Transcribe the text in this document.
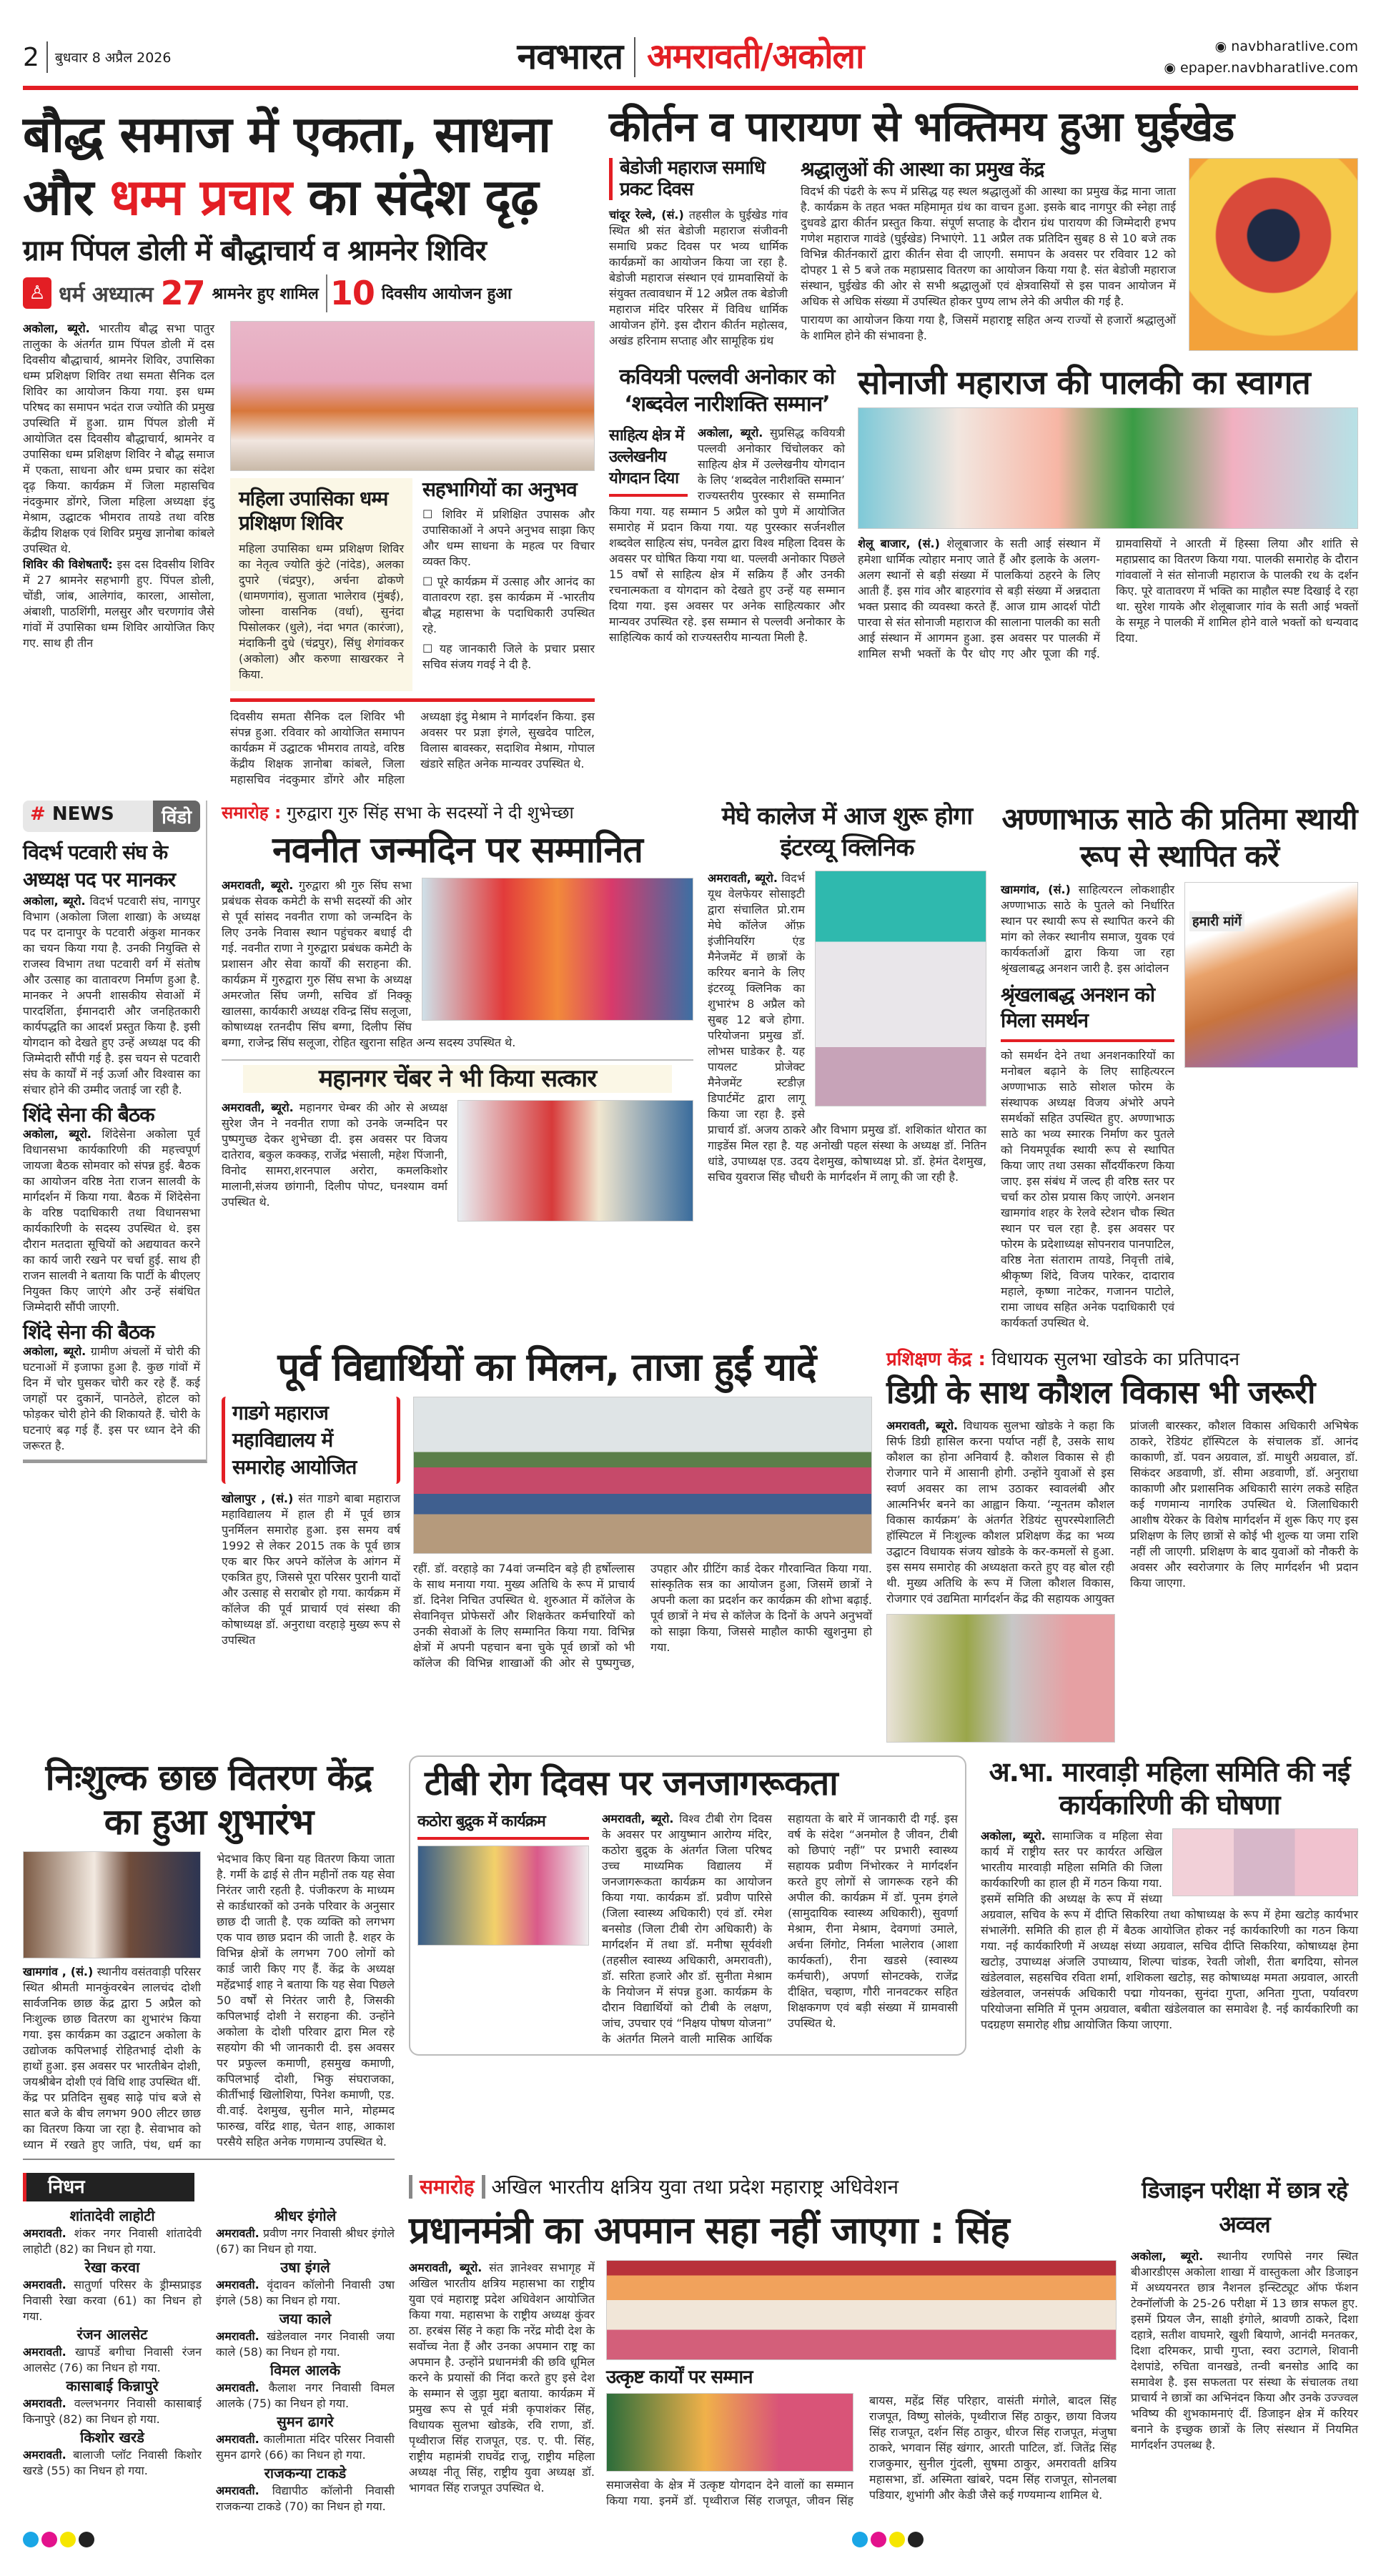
2 बुधवार 8 अप्रैल 2026	नवभारत अमरावती/अकोला	◉ navbharatlive.com
◉ epaper.navbharatlive.com
बौद्ध समाज में एकता, साधना
और धम्म प्रचार का संदेश दृढ़
ग्राम पिंपल डोली में बौद्धाचार्य व श्रामनेर शिविर
♙ धर्म अध्यात्म 27 श्रामनेर हुए शामिल 10 दिवसीय आयोजन हुआ
अकोला, ब्यूरो. भारतीय बौद्ध सभा पातुर तालुका के अंतर्गत ग्राम पिंपल डोली में दस दिवसीय बौद्धाचार्य, श्रामनेर शिविर, उपासिका धम्म प्रशिक्षण शिविर तथा समता सैनिक दल शिविर का आयोजन किया गया. इस धम्म परिषद का समापन भदंत राज ज्योति की प्रमुख उपस्थिति में हुआ. ग्राम पिंपल डोली में आयोजित दस दिवसीय बौद्धाचार्य, श्रामनेर व उपासिका धम्म प्रशिक्षण शिविर ने बौद्ध समाज में एकता, साधना और धम्म प्रचार का संदेश दृढ़ किया. कार्यक्रम में जिला महासचिव नंदकुमार डोंगरे, जिला महिला अध्यक्षा इंदु मेश्राम, उद्घाटक भीमराव तायडे तथा वरिष्ठ केंद्रीय शिक्षक एवं शिविर प्रमुख ज्ञानोबा कांबले उपस्थित थे.
शिविर की विशेषताएँ: इस दस दिवसीय शिविर में 27 श्रामनेर सहभागी हुए. पिंपल डोली, चोंडी, जांब, आलेगांव, कारला, आसोला, अंबाशी, पाठशिंगी, मलसुर और चरणगांव जैसे गांवों में उपासिका धम्म शिविर आयोजित किए गए. साथ ही तीन
महिला उपासिका धम्म प्रशिक्षण शिविर
महिला उपासिका धम्म प्रशिक्षण शिविर का नेतृत्व ज्योति कुंटे (नांदेड), अलका दुपारे (चंद्रपुर), अर्चना ढोकणे (धामणगांव), सुजाता भालेराव (मुंबई), जोस्ना वासनिक (वर्धा), सुनंदा पिसोलकर (धुले), नंदा भगत (कारंजा), मंदाकिनी दुधे (चंद्रपुर), सिंधु शेगांवकर (अकोला) और करुणा साखरकर ने किया.
सहभागियों का अनुभव

☐ शिविर में प्रशिक्षित उपासक और उपासिकाओं ने अपने अनुभव साझा किए और धम्म साधना के महत्व पर विचार व्यक्त किए.

☐ पूरे कार्यक्रम में उत्साह और आनंद का वातावरण रहा. इस कार्यक्रम में -भारतीय बौद्ध महासभा के पदाधिकारी उपस्थित रहे.

☐ यह जानकारी जिले के प्रचार प्रसार सचिव संजय गवई ने दी है.

दिवसीय समता सैनिक दल शिविर भी संपन्न हुआ. रविवार को आयोजित समापन कार्यक्रम में उद्घाटक भीमराव तायडे, वरिष्ठ केंद्रीय शिक्षक ज्ञानोबा कांबले, जिला महासचिव नंदकुमार डोंगरे और महिला अध्यक्षा इंदु मेश्राम ने मार्गदर्शन किया. इस अवसर पर प्रज्ञा इंगले, सुखदेव पाटिल, विलास बावस्कर, सदाशिव मेश्राम, गोपाल खंडारे सहित अनेक मान्यवर उपस्थित थे.
कीर्तन व पारायण से भक्तिमय हुआ घुईखेड
बेडोजी महाराज समाधि प्रकट दिवस
चांदूर रेल्वे, (सं.) तहसील के घुईखेड गांव स्थित श्री संत बेडोजी महाराज संजीवनी समाधि प्रकट दिवस पर भव्य धार्मिक कार्यक्रमों का आयोजन किया जा रहा है. बेडोजी महाराज संस्थान एवं ग्रामवासियों के संयुक्त तत्वावधान में 12 अप्रैल तक बेडोजी महाराज मंदिर परिसर में विविध धार्मिक आयोजन होंगे. इस दौरान कीर्तन महोत्सव, अखंड हरिनाम सप्ताह और सामूहिक ग्रंथ
श्रद्धालुओं की आस्था का प्रमुख केंद्र
विदर्भ की पंढरी के रूप में प्रसिद्ध यह स्थल श्रद्धालुओं की आस्था का प्रमुख केंद्र माना जाता है. कार्यक्रम के तहत भक्त महिमामृत ग्रंथ का वाचन हुआ. इसके बाद नागपुर की स्नेहा ताई दुधवडे द्वारा कीर्तन प्रस्तुत किया. संपूर्ण सप्ताह के दौरान ग्रंथ पारायण की जिम्मेदारी हभप गणेश महाराज गावंडे (घुईखेड) निभाएंगे. 11 अप्रैल तक प्रतिदिन सुबह 8 से 10 बजे तक विभिन्न कीर्तनकारों द्वारा कीर्तन सेवा दी जाएगी. समापन के अवसर पर रविवार 12 को दोपहर 1 से 5 बजे तक महाप्रसाद वितरण का आयोजन किया गया है. संत बेडोजी महाराज संस्थान, घुईखेड की ओर से सभी श्रद्धालुओं एवं क्षेत्रवासियों से इस पावन आयोजन में अधिक से अधिक संख्या में उपस्थित होकर पुण्य लाभ लेने की अपील की गई है.
पारायण का आयोजन किया गया है, जिसमें महाराष्ट्र सहित अन्य राज्यों से हजारों श्रद्धालुओं के शामिल होने की संभावना है.
कवियत्री पल्लवी अनोकार को ‘शब्दवेल नारीशक्ति सम्मान’
साहित्य क्षेत्र में उल्लेखनीय योगदान दिया
अकोला, ब्यूरो. सुप्रसिद्ध कवियत्री पल्लवी अनोकार चिंचोलकर को साहित्य क्षेत्र में उल्लेखनीय योगदान के लिए ‘शब्दवेल नारीशक्ति सम्मान’ राज्यस्तरीय पुरस्कार से सम्मानित किया गया. यह सम्मान 5 अप्रैल को पुणे में आयोजित समारोह में प्रदान किया गया. यह पुरस्कार सर्जनशील शब्दवेल साहित्य संघ, पनवेल द्वारा विश्व महिला दिवस के अवसर पर घोषित किया गया था. पल्लवी अनोकार पिछले 15 वर्षों से साहित्य क्षेत्र में सक्रिय हैं और उनकी रचनात्मकता व योगदान को देखते हुए उन्हें यह सम्मान दिया गया. इस अवसर पर अनेक साहित्यकार और मान्यवर उपस्थित रहे. इस सम्मान से पल्लवी अनोकार के साहित्यिक कार्य को राज्यस्तरीय मान्यता मिली है.
सोनाजी महाराज की पालकी का स्वागत
शेलू बाजार, (सं.) शेलूबाजार के सती आई संस्थान में हमेशा धार्मिक त्योहार मनाए जाते हैं और इलाके के अलग-अलग स्थानों से बड़ी संख्या में पालकियां ठहरने के लिए आती हैं. इस गांव और बाहरगांव से बड़ी संख्या में अन्नदाता भक्त प्रसाद की व्यवस्था करते हैं. आज ग्राम आदर्श पोटी पारवा से संत सोनाजी महाराज की सालाना पालकी का सती आई संस्थान में आगमन हुआ. इस अवसर पर पालकी में शामिल सभी भक्तों के पैर धोए गए और पूजा की गई. ग्रामवासियों ने आरती में हिस्सा लिया और शांति से महाप्रसाद का वितरण किया गया. पालकी समारोह के दौरान गांववालों ने संत सोनाजी महाराज के पालकी रथ के दर्शन किए. पूरे वातावरण में भक्ति का माहौल स्पष्ट दिखाई दे रहा था. सुरेश गायके और शेलूबाजार गांव के सती आई भक्तों के समूह ने पालकी में शामिल होने वाले भक्तों को धन्यवाद दिया.
# NEWS	विंडो
विदर्भ पटवारी संघ के अध्यक्ष पद पर मानकर
अकोला, ब्यूरो. विदर्भ पटवारी संघ, नागपुर विभाग (अकोला जिला शाखा) के अध्यक्ष पद पर दानापुर के पटवारी अंकुश मानकर का चयन किया गया है. उनकी नियुक्ति से राजस्व विभाग तथा पटवारी वर्ग में संतोष और उत्साह का वातावरण निर्माण हुआ है. मानकर ने अपनी शासकीय सेवाओं में पारदर्शिता, ईमानदारी और जनहितकारी कार्यपद्धति का आदर्श प्रस्तुत किया है. इसी योगदान को देखते हुए उन्हें अध्यक्ष पद की जिम्मेदारी सौंपी गई है. इस चयन से पटवारी संघ के कार्यों में नई ऊर्जा और विश्वास का संचार होने की उम्मीद जताई जा रही है.
शिंदे सेना की बैठक
अकोला, ब्यूरो. शिंदेसेना अकोला पूर्व विधानसभा कार्यकारिणी की महत्त्वपूर्ण जायजा बैठक सोमवार को संपन्न हुई. बैठक का आयोजन वरिष्ठ नेता राजन सालवी के मार्गदर्शन में किया गया. बैठक में शिंदेसेना के वरिष्ठ पदाधिकारी तथा विधानसभा कार्यकारिणी के सदस्य उपस्थित थे. इस दौरान मतदाता सूचियों को अद्ययावत करने का कार्य जारी रखने पर चर्चा हुई. साथ ही राजन सालवी ने बताया कि पार्टी के बीएलए नियुक्त किए जाएंगे और उन्हें संबंधित जिम्मेदारी सौंपी जाएगी.
शिंदे सेना की बैठक
अकोला, ब्यूरो. ग्रामीण अंचलों में चोरी की घटनाओं में इजाफा हुआ है. कुछ गांवों में दिन में चोर घुसकर चोरी कर रहे हैं. कई जगहों पर दुकानें, पानठेले, होटल को फोड़कर चोरी होने की शिकायते हैं. चोरी के घटनाएं बढ़ गई हैं. इस पर ध्यान देने की जरूरत है.
समारोह : गुरुद्वारा गुरु सिंह सभा के सदस्यों ने दी शुभेच्छा
नवनीत जन्मदिन पर सम्मानित
अमरावती, ब्यूरो. गुरुद्वारा श्री गुरु सिंघ सभा प्रबंधक सेवक कमेटी के सभी सदस्यों की ओर से पूर्व सांसद नवनीत राणा को जन्मदिन के लिए उनके निवास स्थान पहुंचकर बधाई दी गई. नवनीत राणा ने गुरुद्वारा प्रबंधक कमेटी के प्रशासन और सेवा कार्यों की सराहना की. कार्यक्रम में गुरुद्वारा गुरु सिंघ सभा के अध्यक्ष अमरजोत सिंघ जग्गी, सचिव डॉ निक्कू खालसा, कार्यकारी अध्यक्ष रविन्द्र सिंघ सलूजा, कोषाध्यक्ष रतनदीप सिंघ बग्गा, दिलीप सिंघ बग्गा, राजेन्द्र सिंघ सलूजा, रोहित खुराना सहित अन्य सदस्य उपस्थित थे.
महानगर चेंबर ने भी किया सत्कार
अमरावती, ब्यूरो. महानगर चेम्बर की ओर से अध्यक्ष सुरेश जैन ने नवनीत राणा को उनके जन्मदिन पर पुष्पगुच्छ देकर शुभेच्छा दी. इस अवसर पर विजय दातेराव, बकुल कक्कड़, राजेंद्र भंसाली, महेश पिंजानी, विनोद सामरा,शरनपाल अरोरा, कमलकिशोर मालानी,संजय छांगानी, दिलीप पोपट, घनश्याम वर्मा उपस्थित थे.
मेघे कालेज में आज शुरू होगा इंटरव्यू क्लिनिक
अमरावती, ब्यूरो. विदर्भ यूथ वेलफेयर सोसाइटी द्वारा संचालित प्रो.राम मेघे कॉलेज ऑफ़ इंजीनियरिंग एंड मैनेजमेंट में छात्रों के करियर बनाने के लिए इंटरव्यू क्लिनिक का शुभारंभ 8 अप्रैल को सुबह 12 बजे होगा. परियोजना प्रमुख डॉ. लोभस घाडेकर है. यह पायलट प्रोजेक्ट मैनेजमेंट स्टडीज़ डिपार्टमेंट द्वारा लागू किया जा रहा है. इसे प्राचार्य डॉ. अजय ठाकरे और विभाग प्रमुख डॉ. शशिकांत थोरात का गाइडेंस मिल रहा है. यह अनोखी पहल संस्था के अध्यक्ष डॉ. नितिन धांडे, उपाध्यक्ष एड. उदय देशमुख, कोषाध्यक्ष प्रो. डॉ. हेमंत देशमुख, सचिव युवराज सिंह चौधरी के मार्गदर्शन में लागू की जा रही है.
अण्णाभाऊ साठे की प्रतिमा स्थायी रूप से स्थापित करें
खामगांव, (सं.) साहित्यरत्न लोकशाहीर अण्णाभाऊ साठे के पुतले को निर्धारित स्थान पर स्थायी रूप से स्थापित करने की मांग को लेकर स्थानीय समाज, युवक एवं कार्यकर्ताओं द्वारा किया जा रहा श्रृंखलाबद्ध अनशन जारी है. इस आंदोलन
श्रृंखलाबद्ध अनशन को मिला समर्थन
को समर्थन देने तथा अनशनकारियों का मनोबल बढ़ाने के लिए साहित्यरत्न अण्णाभाऊ साठे सोशल फोरम के संस्थापक अध्यक्ष विजय अंभोरे अपने समर्थकों सहित उपस्थित हुए. अण्णाभाऊ साठे का भव्य स्मारक निर्माण कर पुतले को नियमपूर्वक स्थायी रूप से स्थापित किया जाए तथा उसका सौंदर्यीकरण किया जाए. इस संबंध में जल्द ही वरिष्ठ स्तर पर चर्चा कर ठोस प्रयास किए जाएंगे. अनशन खामगांव शहर के रेलवे स्टेशन चौक स्थित स्थान पर चल रहा है. इस अवसर पर फोरम के प्रदेशाध्यक्ष सोपनराव पानपाटिल, वरिष्ठ नेता संताराम तायडे, निवृत्ती तांबे, श्रीकृष्ण शिंदे, विजय पारेकर, दादाराव महाले, कृष्णा नाटेकर, गजानन पाटोले, रामा जाधव सहित अनेक पदाधिकारी एवं कार्यकर्ता उपस्थित थे.
हमारी मांगें
पूर्व विद्यार्थियों का मिलन, ताजा हुईं यादें
गाडगे महाराज महाविद्यालय में समारोह आयोजित
खोलापुर , (सं.) संत गाडगे बाबा महाराज महाविद्यालय में हाल ही में पूर्व छात्र पुनर्मिलन समारोह हुआ. इस समय वर्ष 1992 से लेकर 2015 तक के पूर्व छात्र एक बार फिर अपने कॉलेज के आंगन में एकत्रित हुए, जिससे पूरा परिसर पुरानी यादों और उत्साह से सराबोर हो गया. कार्यक्रम में कॉलेज की पूर्व प्राचार्य एवं संस्था की कोषाध्यक्ष डॉ. अनुराधा वरहाड़े मुख्य रूप से उपस्थित
रहीं. डॉ. वरहाड़े का 74वां जन्मदिन बड़े ही हर्षोल्लास के साथ मनाया गया. मुख्य अतिथि के रूप में प्राचार्य डॉ. दिनेश निचित उपस्थित थे. शुरुआत में कॉलेज के सेवानिवृत्त प्रोफेसरों और शिक्षकेतर कर्मचारियों को उनकी सेवाओं के लिए सम्मानित किया गया. विभिन्न क्षेत्रों में अपनी पहचान बना चुके पूर्व छात्रों को भी कॉलेज की विभिन्न शाखाओं की ओर से पुष्पगुच्छ, उपहार और ग्रीटिंग कार्ड देकर गौरवान्वित किया गया. सांस्कृतिक सत्र का आयोजन हुआ, जिसमें छात्रों ने अपनी कला का प्रदर्शन कर कार्यक्रम की शोभा बढ़ाई. पूर्व छात्रों ने मंच से कॉलेज के दिनों के अपने अनुभवों को साझा किया, जिससे माहौल काफी खुशनुमा हो गया.
प्रशिक्षण केंद्र : विधायक सुलभा खोडके का प्रतिपादन
डिग्री के साथ कौशल विकास भी जरूरी
अमरावती, ब्यूरो. विधायक सुलभा खोडके ने कहा कि सिर्फ डिग्री हासिल करना पर्याप्त नहीं है, उसके साथ कौशल का होना अनिवार्य है. कौशल विकास से ही रोजगार पाने में आसानी होगी. उन्होंने युवाओं से इस स्वर्ण अवसर का लाभ उठाकर स्वावलंबी और आत्मनिर्भर बनने का आह्वान किया. ‘न्यूनतम कौशल विकास कार्यक्रम’ के अंतर्गत रेडियंट सुपरस्पेशालिटी हॉस्पिटल में निःशुल्क कौशल प्रशिक्षण केंद्र का भव्य उद्घाटन विधायक संजय खोडके के कर-कमलों से हुआ. इस समय समारोह की अध्यक्षता करते हुए वह बोल रही थी. मुख्य अतिथि के रूप में जिला कौशल विकास, रोजगार एवं उद्यमिता मार्गदर्शन केंद्र की सहायक आयुक्त प्रांजली बारस्कर, कौशल विकास अधिकारी अभिषेक ठाकरे, रेडियंट हॉस्पिटल के संचालक डॉ. आनंद काकाणी, डॉ. पवन अग्रवाल, डॉ. माधुरी अग्रवाल, डॉ. सिकंदर अडवाणी, डॉ. सीमा अडवाणी, डॉ. अनुराधा काकाणी और प्रशासनिक अधिकारी सारंग लकडे सहित कई गणमान्य नागरिक उपस्थित थे. जिलाधिकारी आशीष येरेकर के विशेष मार्गदर्शन में शुरू किए गए इस प्रशिक्षण के लिए छात्रों से कोई भी शुल्क या जमा राशि नहीं ली जाएगी. प्रशिक्षण के बाद युवाओं को नौकरी के अवसर और स्वरोजगार के लिए मार्गदर्शन भी प्रदान किया जाएगा.
निःशुल्क छाछ वितरण केंद्र का हुआ शुभारंभ
खामगांव , (सं.) स्थानीय वसंतवाड़ी परिसर स्थित श्रीमती मानकुंवरबेन लालचंद दोशी सार्वजनिक छाछ केंद्र द्वारा 5 अप्रैल को निःशुल्क छाछ वितरण का शुभारंभ किया गया. इस कार्यक्रम का उद्घाटन अकोला के उद्योजक कपिलभाई रोहितभाई दोशी के हाथों हुआ. इस अवसर पर भारतीबेन दोशी, जयश्रीबेन दोशी एवं विधि शाह उपस्थित थीं. केंद्र पर प्रतिदिन सुबह साढ़े पांच बजे से सात बजे के बीच लगभग 900 लीटर छाछ का वितरण किया जा रहा है. सेवाभाव को ध्यान में रखते हुए जाति, पंथ, धर्म का भेदभाव किए बिना यह वितरण किया जाता है. गर्मी के ढाई से तीन महीनों तक यह सेवा निरंतर जारी रहती है. पंजीकरण के माध्यम से कार्डधारकों को उनके परिवार के अनुसार छाछ दी जाती है. एक व्यक्ति को लगभग एक पाव छाछ प्रदान की जाती है. शहर के विभिन्न क्षेत्रों के लगभग 700 लोगों को कार्ड जारी किए गए हैं. केंद्र के अध्यक्ष महेंद्रभाई शाह ने बताया कि यह सेवा पिछले 50 वर्षों से निरंतर जारी है, जिसकी कपिलभाई दोशी ने सराहना की. उन्होंने अकोला के दोशी परिवार द्वारा मिल रहे सहयोग की भी जानकारी दी. इस अवसर पर प्रफुल्ल कमाणी, हसमुख कमाणी, कपिलभाई दोशी, भिकु संघराजका, कीर्तीभाई खिलोशिया, पिनेश कमाणी, एड. वी.वाई. देशमुख, सुनील माने, मोहम्मद फारुख, वरिंद्र शाह, चेतन शाह, आकाश परसैये सहित अनेक गणमान्य उपस्थित थे.
टीबी रोग दिवस पर जनजागरूकता
कठोरा बुद्रुक में कार्यक्रम	अमरावती, ब्यूरो. विश्व टीबी रोग दिवस के अवसर पर आयुष्मान आरोग्य मंदिर, कठोरा बुद्रुक के अंतर्गत जिला परिषद उच्च माध्यमिक विद्यालय में जनजागरूकता कार्यक्रम का आयोजन किया गया. कार्यक्रम डॉ. प्रवीण पारिसे (जिला स्वास्थ्य अधिकारी) एवं डॉ. रमेश बनसोड (जिला टीबी रोग अधिकारी) के मार्गदर्शन में तथा डॉ. मनीषा सूर्यवंशी (तहसील स्वास्थ्य अधिकारी, अमरावती), डॉ. सरिता हजारे और डॉ. सुनीता मेश्राम के नियोजन में संपन्न हुआ. कार्यक्रम के दौरान विद्यार्थियों को टीबी के लक्षण, जांच, उपचार एवं “निक्षय पोषण योजना” के अंतर्गत मिलने वाली मासिक आर्थिक सहायता के बारे में जानकारी दी गई. इस वर्ष के संदेश “अनमोल है जीवन, टीबी को छिपाएं नहीं” पर प्रभारी स्वास्थ्य सहायक प्रवीण निंभोरकर ने मार्गदर्शन करते हुए लोगों से जागरूक रहने की अपील की. कार्यक्रम में डॉ. पूनम इंगले (सामुदायिक स्वास्थ्य अधिकारी), सुवर्णा मेश्राम, रीना मेश्राम, देवगणां उमाले, अर्चना लिंगोट, निर्मला भालेराव (आशा कार्यकर्ता), रीना खडसे (स्वास्थ्य कर्मचारी), अपर्णा सोनटक्के, राजेंद्र दीक्षित, चव्हाण, गौरी नानवटकर सहित शिक्षकगण एवं बड़ी संख्या में ग्रामवासी उपस्थित थे.
अ.भा. मारवाड़ी महिला समिति की नई कार्यकारिणी की घोषणा
अकोला, ब्यूरो. सामाजिक व महिला सेवा कार्य में राष्ट्रीय स्तर पर कार्यरत अखिल भारतीय मारवाड़ी महिला समिति की जिला कार्यकारिणी का हाल ही में गठन किया गया. इसमें समिति की अध्यक्ष के रूप में संध्या अग्रवाल, सचिव के रूप में दीप्ति सिकरिया तथा कोषाध्यक्ष के रूप में हेमा खटोड़ कार्यभार संभालेंगी. समिति की हाल ही में बैठक आयोजित होकर नई कार्यकारिणी का गठन किया गया. नई कार्यकारिणी में अध्यक्ष संध्या अग्रवाल, सचिव दीप्ति सिकरिया, कोषाध्यक्ष हेमा खटोड़, उपाध्यक्ष अंजलि उपाध्याय, शिल्पा चांडक, रेवती जोशी, रीता बगदिया, सोनल खंडेलवाल, सहसचिव रविता शर्मा, शशिकला खटोड़, सह कोषाध्यक्ष ममता अग्रवाल, आरती खंडेलवाल, जनसंपर्क अधिकारी पद्मा गोयनका, सुनंदा गुप्ता, अनिता गुप्ता, पर्यावरण परियोजना समिति में पूनम अग्रवाल, बबीता खंडेलवाल का समावेश है. नई कार्यकारिणी का पदग्रहण समारोह शीघ्र आयोजित किया जाएगा.
निधन
शांतादेवी लाहोटी
अमरावती. शंकर नगर निवासी शांतादेवी लाहोटी (82) का निधन हो गया.
रेखा करवा
अमरावती. सातुर्णा परिसर के ड्रीम्सप्राइड निवासी रेखा करवा (61) का निधन हो गया.
रंजन आलसेट
अमरावती. खापर्डे बगीचा निवासी रंजन आलसेट (76) का निधन हो गया.
कासाबाई किन्नापुरे
अमरावती. वल्लभनगर निवासी कासाबाई किनापुरे (82) का निधन हो गया.
किशोर खरडे
अमरावती. बालाजी प्लॉट निवासी किशोर खरडे (55) का निधन हो गया.
श्रीधर इंगोले
अमरावती. प्रवीण नगर निवासी श्रीधर इंगोले (67) का निधन हो गया.
उषा इंगले
अमरावती. वृंदावन कॉलोनी निवासी उषा इंगले (58) का निधन हो गया.
जया काले
अमरावती. खंडेलवाल नगर निवासी जया काले (58) का निधन हो गया.
विमल आलके
अमरावती. कैलाश नगर निवासी विमल आलके (75) का निधन हो गया.
सुमन ढागरे
अमरावती. कालीमाता मंदिर परिसर निवासी सुमन ढागरे (66) का निधन हो गया.
राजकन्या टाकडे
अमरावती. विद्यापीठ कॉलोनी निवासी राजकन्या टाकडे (70) का निधन हो गया.
समारोह अखिल भारतीय क्षत्रिय युवा तथा प्रदेश महाराष्ट्र अधिवेशन
प्रधानमंत्री का अपमान सहा नहीं जाएगा : सिंह
अमरावती, ब्यूरो. संत ज्ञानेश्वर सभागृह में अखिल भारतीय क्षत्रिय महासभा का राष्ट्रीय युवा एवं महाराष्ट्र प्रदेश अधिवेशन आयोजित किया गया. महासभा के राष्ट्रीय अध्यक्ष कुंवर ठा. हरबंस सिंह ने कहा कि नरेंद्र मोदी देश के सर्वोच्च नेता हैं और उनका अपमान राष्ट्र का अपमान है. उन्होंने प्रधानमंत्री की छवि धूमिल करने के प्रयासों की निंदा करते हुए इसे देश के सम्मान से जुड़ा मुद्दा बताया. कार्यक्रम में प्रमुख रूप से पूर्व मंत्री कृपाशंकर सिंह, विधायक सुलभा खोडके, रवि राणा, डॉ. पृथ्वीराज सिंह राजपूत, एड. ए. पी. सिंह, राष्ट्रीय महामंत्री राघवेंद्र राजू, राष्ट्रीय महिला अध्यक्ष नीतू सिंह, राष्ट्रीय युवा अध्यक्ष डॉ. भागवत सिंह राजपूत उपस्थित थे.
उत्कृष्ट कार्यों पर सम्मान
समाजसेवा के क्षेत्र में उत्कृष्ट योगदान देने वालों का सम्मान किया गया. इनमें डॉ. पृथ्वीराज सिंह राजपूत, जीवन सिंह बायस, महेंद्र सिंह परिहार, वासंती मंगोले, बादल सिंह राजपूत, विष्णु सोलंके, पृथ्वीराज सिंह ठाकुर, छाया विजय सिंह राजपूत, दर्शन सिंह ठाकुर, धीरज सिंह राजपूत, मंजुषा ठाकरे, भगवान सिंह खंगार, आरती पाटिल, डॉ. जितेंद्र सिंह राजकुमार, सुनील गुंदली, सुषमा ठाकुर, अमरावती क्षत्रिय महासभा, डॉ. अस्मिता खांबरे, पदम सिंह राजपूत, सोनलबा पडियार, शुभांगी और केडी जैसे कई गण्यमान्य शामिल थे.
डिजाइन परीक्षा में छात्र रहे अव्वल
अकोला, ब्यूरो. स्थानीय रणपिसे नगर स्थित बीआरडीएस अकोला शाखा में वास्तुकला और डिजाइन में अध्ययनरत छात्र नैशनल इन्स्टिट्यूट ऑफ फॅशन टेक्नॉलॉजी के 25-26 परीक्षा में 13 छात्र सफल हुए. इसमें प्रियल जैन, साक्षी इंगोले, श्रावणी ठाकरे, दिशा दहात्रे, सतीश वाघमारे, खुशी बियाणे, आनंदी मनतकर, दिशा दरिमकर, प्राची गुप्ता, स्वरा उटागले, शिवानी देशपांडे, रुचिता वानखडे, तन्वी बनसोड आदि का समावेश है. इस सफलता पर संस्था के संचालक तथा प्राचार्य ने छात्रों का अभिनंदन किया और उनके उज्ज्वल भविष्य की शुभकामनाएं दीं. डिजाइन क्षेत्र में करियर बनाने के इच्छुक छात्रों के लिए संस्थान में नियमित मार्गदर्शन उपलब्ध है.
